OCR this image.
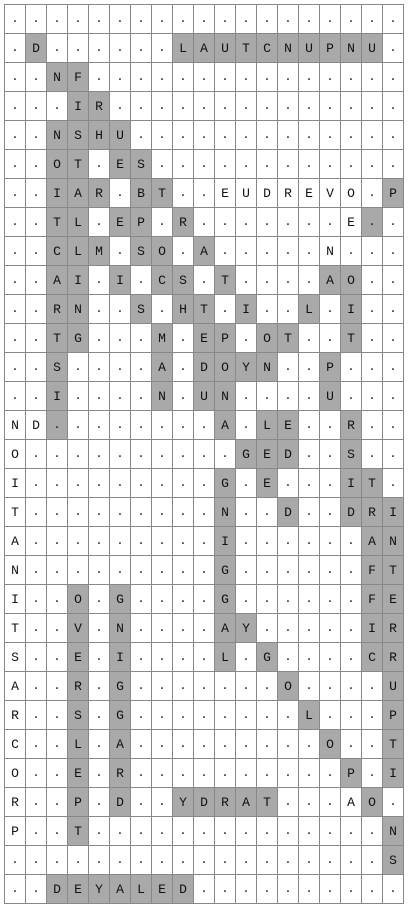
.	.	.	.	.	.	.	.	.	.	.	.	.	.	.	.	.	.	.
.	D	.	.	.	.	.	.	L	A	U	T	C	N	U	P	N	U	.
.	.	N	F	.	.	.	.	.	.	.	.	.	.	.	.	.	.	.
.	.	.	I	R	.	.	.	.	.	.	.	.	.	.	.	.	.	.
.	.	N	S	H	U	.	.	.	.	.	.	.	.	.	.	.	.	.
.	.	O	T	.	E	S	.	.	.	.	.	.	.	.	.	.	.	.
.	.	I	A	R	.	B	T	.	.	E	U	D	R	E	V	O	.	P
.	.	T	L	.	E	P	.	R	.	.	.	.	.	.	.	E	.	.
.	.	C	L	M	.	S	O	.	A	.	.	.	.	.	N	.	.	.
.	.	A	I	.	I	.	C	S	.	T	.	.	.	.	A	O	.	.
.	.	R	N	.	.	S	.	H	T	.	I	.	.	L	.	I	.	.
.	.	T	G	.	.	.	M	.	E	P	.	O	T	.	.	T	.	.
.	.	S	.	.	.	.	A	.	D	O	Y	N	.	.	P	.	.	.
.	.	I	.	.	.	.	N	.	U	N	.	.	.	.	U	.	.	.
N	D	.	.	.	.	.	.	.	.	A	.	L	E	.	.	R	.	.
O	.	.	.	.	.	.	.	.	.	.	G	E	D	.	.	S	.	.
I	.	.	.	.	.	.	.	.	.	G	.	E	.	.	.	I	T	.
T	.	.	.	.	.	.	.	.	.	N	.	.	D	.	.	D	R	I
A	.	.	.	.	.	.	.	.	.	I	.	.	.	.	.	.	A	N
N	.	.	.	.	.	.	.	.	.	G	.	.	.	.	.	.	F	T
I	.	.	O	.	G	.	.	.	.	G	.	.	.	.	.	.	F	E
T	.	.	V	.	N	.	.	.	.	A	Y	.	.	.	.	.	I	R
S	.	.	E	.	I	.	.	.	.	L	.	G	.	.	.	.	C	R
A	.	.	R	.	G	.	.	.	.	.	.	.	O	.	.	.	.	U
R	.	.	S	.	G	.	.	.	.	.	.	.	.	L	.	.	.	P
C	.	.	L	.	A	.	.	.	.	.	.	.	.	.	O	.	.	T
O	.	.	E	.	R	.	.	.	.	.	.	.	.	.	.	P	.	I
R	.	.	P	.	D	.	.	Y	D	R	A	T	.	.	.	A	O	.
P	.	.	T	.	.	.	.	.	.	.	.	.	.	.	.	.	.	N
.	.	.	.	.	.	.	.	.	.	.	.	.	.	.	.	.	.	S
.	.	D	E	Y	A	L	E	D	.	.	.	.	.	.	.	.	.	.
